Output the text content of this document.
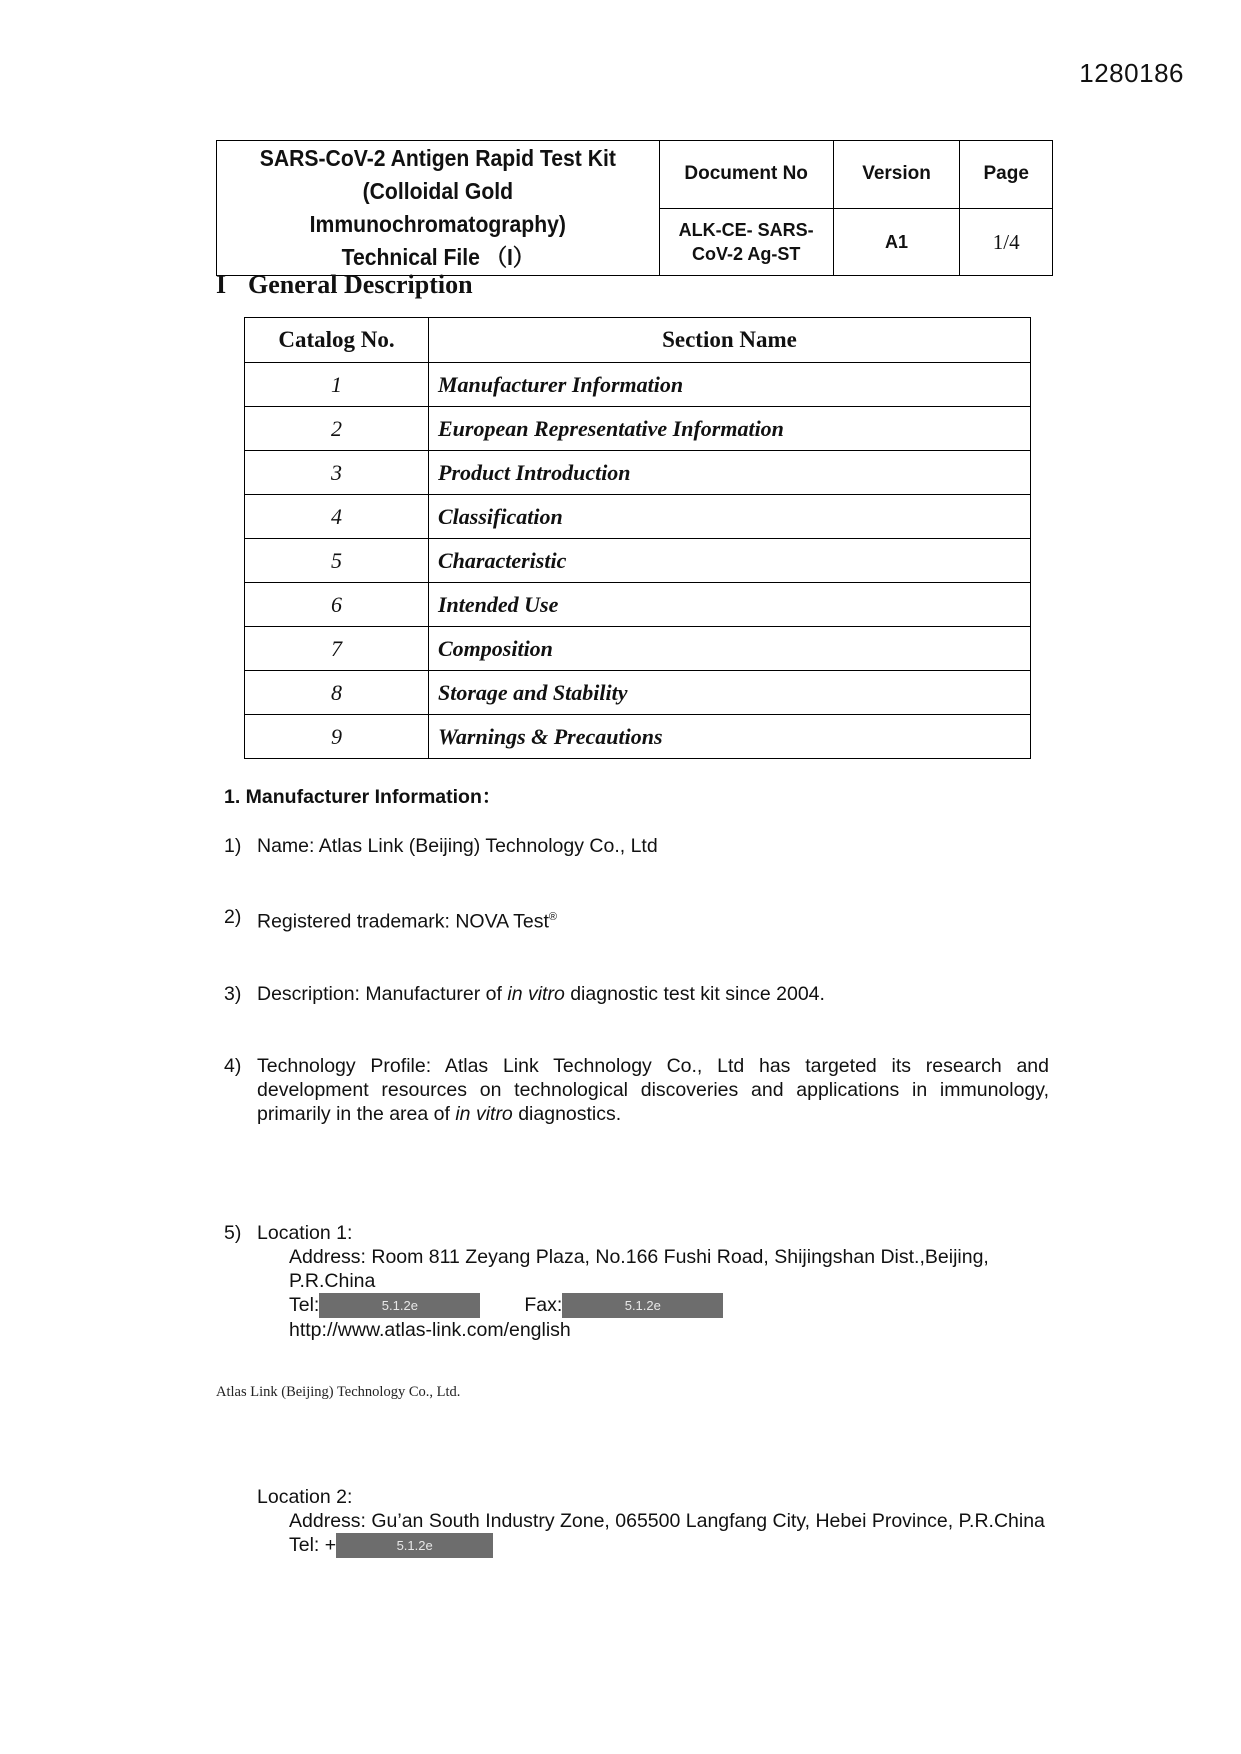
1280186
SARS-CoV-2 Antigen Rapid Test Kit
(Colloidal Gold Immunochromatography)
Technical File （I）	Document No	Version	Page

	ALK-CE- SARS-
CoV-2 Ag-ST	A1	1/4
I General Description
Catalog No.	Section Name
1	Manufacturer Information
2	European Representative Information
3	Product Introduction
4	Classification
5	Characteristic
6	Intended Use
7	Composition
8	Storage and Stability
9	Warnings & Precautions
1. Manufacturer Information：
1) Name: Atlas Link (Beijing) Technology Co., Ltd
2) Registered trademark: NOVA Test®
3) Description: Manufacturer of in vitro diagnostic test kit since 2004.
4) Technology Profile: Atlas Link Technology Co., Ltd has targeted its research and development resources on technological discoveries and applications in immunology, primarily in the area of in vitro diagnostics.
5) Location 1:
Address: Room 811 Zeyang Plaza, No.166 Fushi Road, Shijingshan Dist.,Beijing, P.R.China
Tel:	5.1.2e	Fax:	5.1.2e
http://www.atlas-link.com/english
Location 2:
Address: Gu’an South Industry Zone, 065500 Langfang City, Hebei Province, P.R.China
Tel: +	5.1.2e
Atlas Link (Beijing) Technology Co., Ltd.
